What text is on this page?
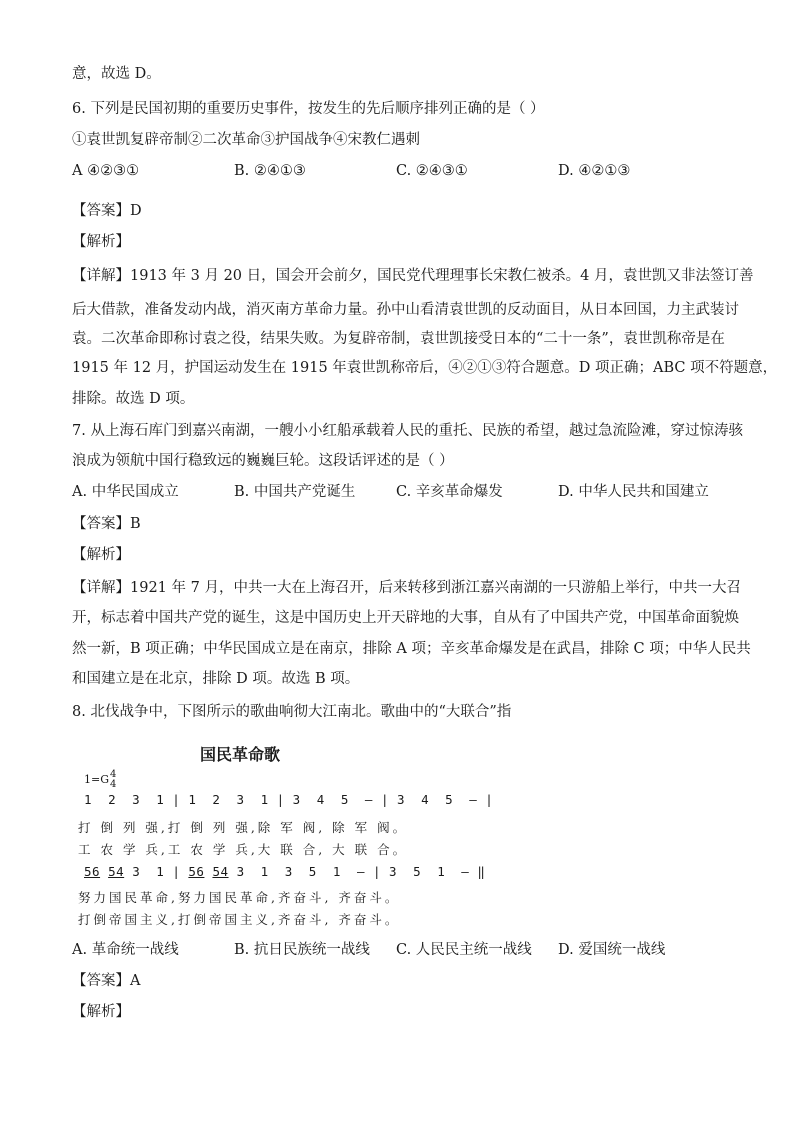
意，故选 D。
6. 下列是民国初期的重要历史事件，按发生的先后顺序排列正确的是（ ）
①袁世凯复辟帝制②二次革命③护国战争④宋教仁遇刺
A ④②③①	B. ②④①③	C. ②④③①	D. ④②①③
【答案】D
【解析】
【详解】1913 年 3 月 20 日，国会开会前夕，国民党代理理事长宋教仁被杀。4 月，袁世凯又非法签订善
后大借款，准备发动内战，消灭南方革命力量。孙中山看清袁世凯的反动面目，从日本回国，力主武装讨
袁。二次革命即称讨袁之役，结果失败。为复辟帝制，袁世凯接受日本的“二十一条”，袁世凯称帝是在
1915 年 12 月，护国运动发生在 1915 年袁世凯称帝后，④②①③符合题意。D 项正确；ABC 项不符题意，
排除。故选 D 项。
7. 从上海石库门到嘉兴南湖，一艘小小红船承载着人民的重托、民族的希望，越过急流险滩，穿过惊涛骇
浪成为领航中国行稳致远的巍巍巨轮。这段话评述的是（ ）
A. 中华民国成立	B. 中国共产党诞生	C. 辛亥革命爆发	D. 中华人民共和国建立
【答案】B
【解析】
【详解】1921 年 7 月，中共一大在上海召开，后来转移到浙江嘉兴南湖的一只游船上举行，中共一大召
开，标志着中国共产党的诞生，这是中国历史上开天辟地的大事，自从有了中国共产党，中国革命面貌焕
然一新，B 项正确；中华民国成立是在南京，排除 A 项；辛亥革命爆发是在武昌，排除 C 项；中华人民共
和国建立是在北京，排除 D 项。故选 B 项。
8. 北伐战争中，下图所示的歌曲响彻大江南北。歌曲中的“大联合”指
国民革命歌
1=G 4
4
1  2  3  1 | 1  2  3  1 | 3  4  5  – | 3  4  5  – |
打 倒 列 强,打 倒 列 强,除 军 阀, 除 军 阀。
工 农 学 兵,工 农 学 兵,大 联 合, 大 联 合。
56 54 3  1 | 56 54 3  1  3  5  1  – | 3  5  1  – ‖
努力国民革命,努力国民革命,齐奋斗, 齐奋斗。
打倒帝国主义,打倒帝国主义,齐奋斗, 齐奋斗。
A. 革命统一战线	B. 抗日民族统一战线 C. 人民民主统一战线 D. 爱国统一战线
【答案】A
【解析】
